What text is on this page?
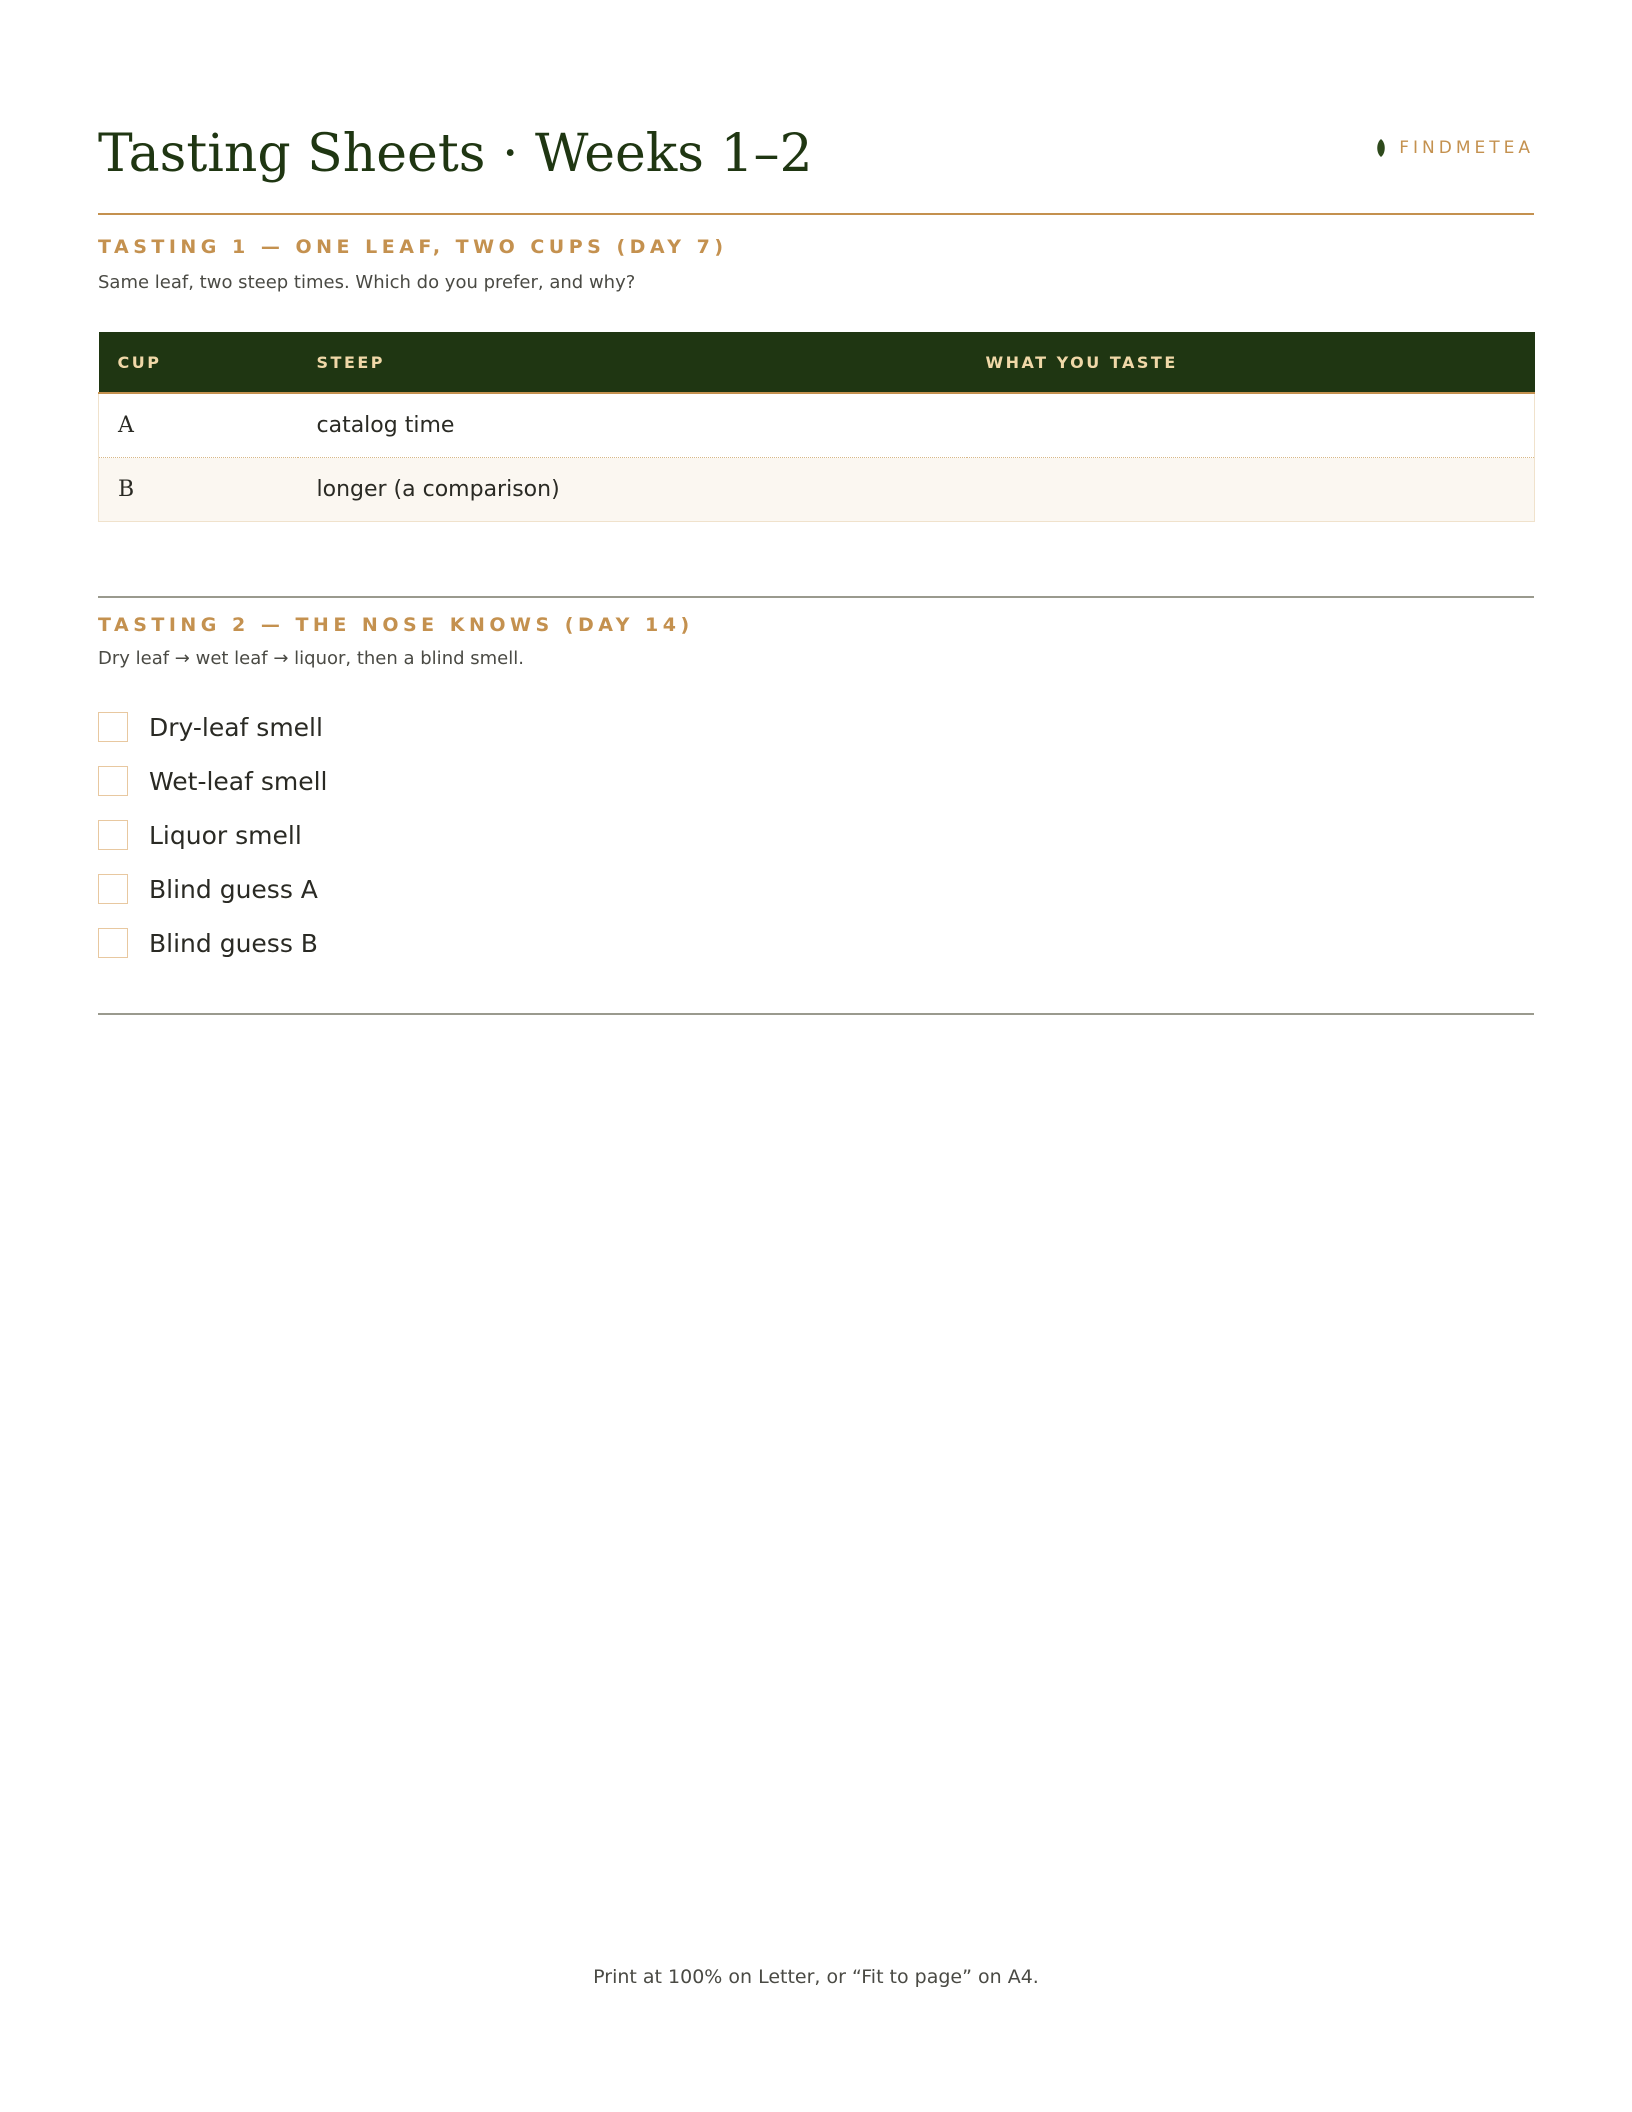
Tasting Sheets · Weeks 1–2	FINDMETEA
TASTING 1 — ONE LEAF, TWO CUPS (DAY 7)

Same leaf, two steep times. Which do you prefer, and why?

CUP	STEEP	WHAT YOU TASTE
A	catalog time	
B	longer (a comparison)	
TASTING 2 — THE NOSE KNOWS (DAY 14)

Dry leaf → wet leaf → liquor, then a blind smell.

Dry-leaf smell
Wet-leaf smell
Liquor smell
Blind guess A
Blind guess B

Print at 100% on Letter, or “Fit to page” on A4.
